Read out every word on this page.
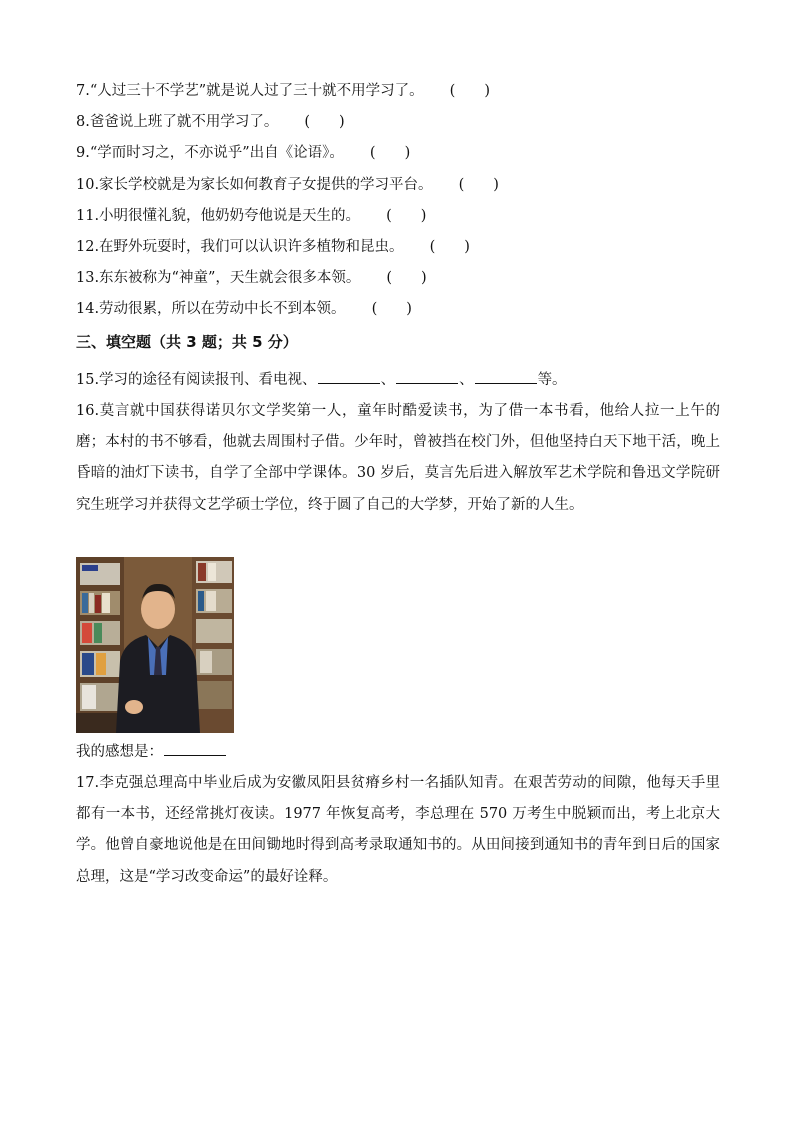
7.“人过三十不学艺”就是说人过了三十就不用学习了。 (　　)
8.爸爸说上班了就不用学习了。 (　　)
9.“学而时习之，不亦说乎”出自《论语》。 (　　)
10.家长学校就是为家长如何教育子女提供的学习平台。 (　　)
11.小明很懂礼貌，他奶奶夸他说是天生的。 (　　)
12.在野外玩耍时，我们可以认识许多植物和昆虫。 (　　)
13.东东被称为“神童”，天生就会很多本领。 (　　)
14.劳动很累，所以在劳动中长不到本领。 (　　)
三、填空题（共 3 题；共 5 分）
15.学习的途径有阅读报刊、看电视、	、	、	等。

16.莫言就中国获得诺贝尔文学奖第一人，童年时酷爱读书，为了借一本书看，他给人拉一上午的磨；本村的书不够看，他就去周围村子借。少年时，曾被挡在校门外，但他坚持白天下地干活，晚上昏暗的油灯下读书，自学了全部中学课体。30 岁后，莫言先后进入解放军艺术学院和鲁迅文学院研究生班学习并获得文艺学硕士学位，终于圆了自己的大学梦，开始了新的人生。

我的感想是：

17.李克强总理高中毕业后成为安徽凤阳县贫瘠乡村一名插队知青。在艰苦劳动的间隙，他每天手里都有一本书，还经常挑灯夜读。1977 年恢复高考，李总理在 570 万考生中脱颖而出，考上北京大学。他曾自豪地说他是在田间锄地时得到高考录取通知书的。从田间接到通知书的青年到日后的国家总理，这是“学习改变命运”的最好诠释。
